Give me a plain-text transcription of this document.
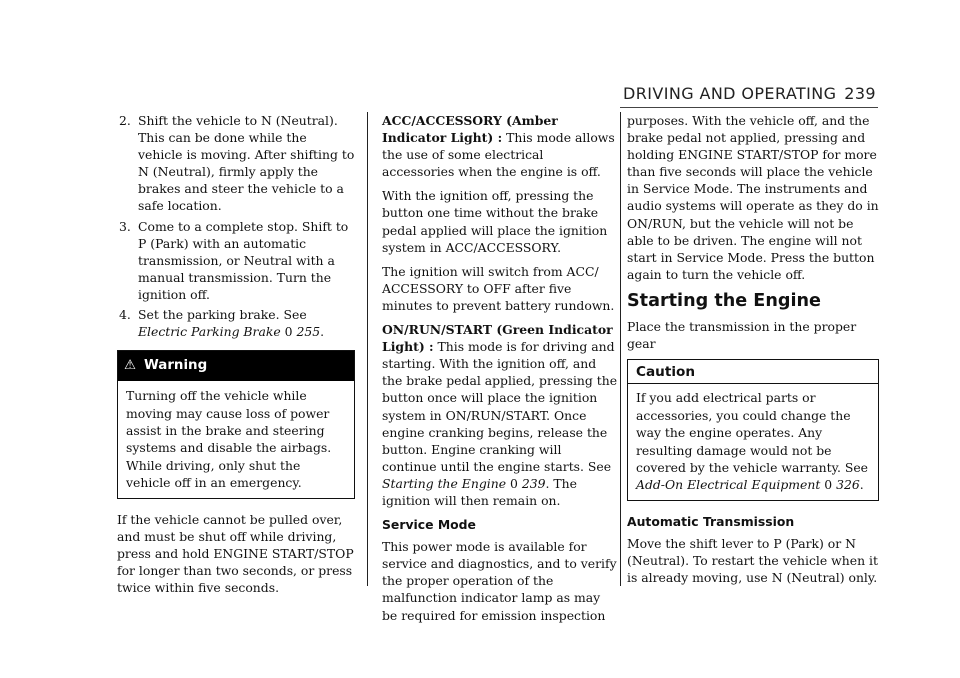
DRIVING AND OPERATING 239
2. Shift the vehicle to N (Neutral). This can be done while the vehicle is moving. After shifting to N (Neutral), firmly apply the brakes and steer the vehicle to a safe location.
3. Come to a complete stop. Shift to P (Park) with an automatic transmission, or Neutral with a manual transmission. Turn the ignition off.
4. Set the parking brake. See Electric Parking Brake 0 255.
⚠ Warning
Turning off the vehicle while moving may cause loss of power assist in the brake and steering systems and disable the airbags. While driving, only shut the vehicle off in an emergency.

If the vehicle cannot be pulled over, and must be shut off while driving, press and hold ENGINE START/STOP for longer than two seconds, or press twice within five seconds.

ACC/ACCESSORY (Amber Indicator Light) : This mode allows the use of some electrical accessories when the engine is off.

With the ignition off, pressing the button one time without the brake pedal applied will place the ignition system in ACC/ACCESSORY.

The ignition will switch from ACC/ ACCESSORY to OFF after five minutes to prevent battery rundown.

ON/RUN/START (Green Indicator Light) : This mode is for driving and starting. With the ignition off, and the brake pedal applied, pressing the button once will place the ignition system in ON/RUN/START. Once engine cranking begins, release the button. Engine cranking will continue until the engine starts. See Starting the Engine 0 239. The ignition will then remain on.

Service Mode

This power mode is available for service and diagnostics, and to verify the proper operation of the malfunction indicator lamp as may be required for emission inspection

purposes. With the vehicle off, and the brake pedal not applied, pressing and holding ENGINE START/STOP for more than five seconds will place the vehicle in Service Mode. The instruments and audio systems will operate as they do in ON/RUN, but the vehicle will not be able to be driven. The engine will not start in Service Mode. Press the button again to turn the vehicle off.

Starting the Engine

Place the transmission in the proper gear

Caution
If you add electrical parts or accessories, you could change the way the engine operates. Any resulting damage would not be covered by the vehicle warranty. See Add-On Electrical Equipment 0 326.
Automatic Transmission

Move the shift lever to P (Park) or N (Neutral). To restart the vehicle when it is already moving, use N (Neutral) only.
